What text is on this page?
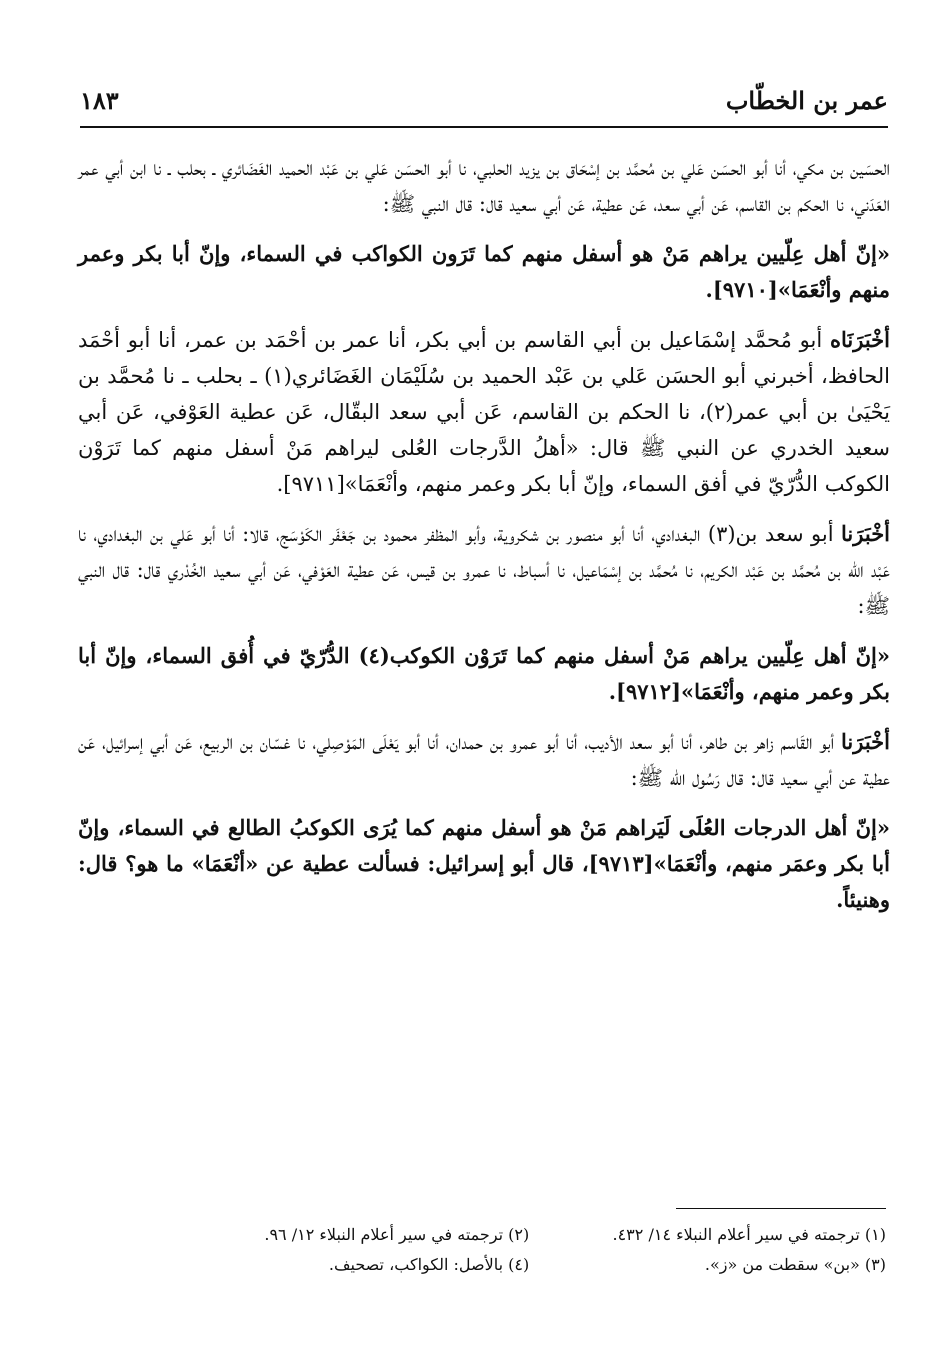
عمر بن الخطّاب
١٨٣

الحسَين بن مكي، أنا أبو الحسَن عَلي بن مُحمَّد بن إسْحَاق بن يزيد الحلبي، نا أبو الحسَن عَلي بن عَبْد الحميد الغَضَائري ـ بحلب ـ نا ابن أبي عمر العَدَني، نا الحكم بن القاسم، عَن أبي سعد، عَن عطية، عَن أبي سعيد قال: قال النبي ﷺ:

«إنّ أهل عِلّيين يراهم مَنْ هو أسفل منهم كما تَرَون الكواكب في السماء، وإنّ أبا بكر وعمر منهم وأنْعَمَا»[٩٧١٠].

أخْبَرَنَاه أبو مُحمَّد إسْمَاعيل بن أبي القاسم بن أبي بكر، أنا عمر بن أحْمَد بن عمر، أنا أبو أحْمَد الحافظ، أخبرني أبو الحسَن عَلي بن عَبْد الحميد بن سُلَيْمَان الغَضَائري(١) ـ بحلب ـ نا مُحمَّد بن يَحْيَىٰ بن أبي عمر(٢)، نا الحكم بن القاسم، عَن أبي سعد البقّال، عَن عطية العَوْفي، عَن أبي سعيد الخدري عن النبي ﷺ قال: «أهلُ الدَّرجات العُلى ليراهم مَنْ أسفل منهم كما تَرَوْن الكوكب الدُّرّيّ في أفق السماء، وإنّ أبا بكر وعمر منهم، وأنْعَمَا»[٩٧١١].

أخْبَرَنا أبو سعد بن(٣) البغدادي، أنا أبو منصور بن شكروية، وأبو المظفر محمود بن جَعْفَر الكَوْسَج، قالا: أنا أبو عَلي بن البغدادي، نا عَبْد الله بن مُحمَّد بن عَبْد الكريم، نا مُحمَّد بن إسْمَاعيل، نا أسباط، نا عمرو بن قيس، عَن عطية العَوْفي، عَن أبي سعيد الخُدْري قال: قال النبي ﷺ:

«إنّ أهل عِلّيين يراهم مَنْ أسفل منهم كما تَرَوْن الكوكب(٤) الدُّرّيّ في أُفق السماء، وإنّ أبا بكر وعمر منهم، وأنْعَمَا»[٩٧١٢].

أخْبَرَنا أبو القَاسم زاهر بن طاهر، أنا أبو سعد الأديب، أنا أبو عمرو بن حمدان، أنا أبو يَعْلَى المَوْصِلي، نا غسّان بن الربيع، عَن أبي إسرائيل، عَن عطية عن أبي سعيد قال: قال رَسُول الله ﷺ:

«إنّ أهل الدرجات العُلَى لَيَراهم مَنْ هو أسفل منهم كما يُرَى الكوكبُ الطالع في السماء، وإنّ أبا بكر وعمَر منهم، وأنْعَمَا»[٩٧١٣]، قال أبو إسرائيل: فسألت عطية عن «أنْعَمَا» ما هو؟ قال: وهنيئاً.

(١) ترجمته في سير أعلام النبلاء ١٤/ ٤٣٢.
(٢) ترجمته في سير أعلام النبلاء ١٢/ ٩٦.
(٣) «بن» سقطت من «ز».
(٤) بالأصل: الكواكب، تصحيف.
